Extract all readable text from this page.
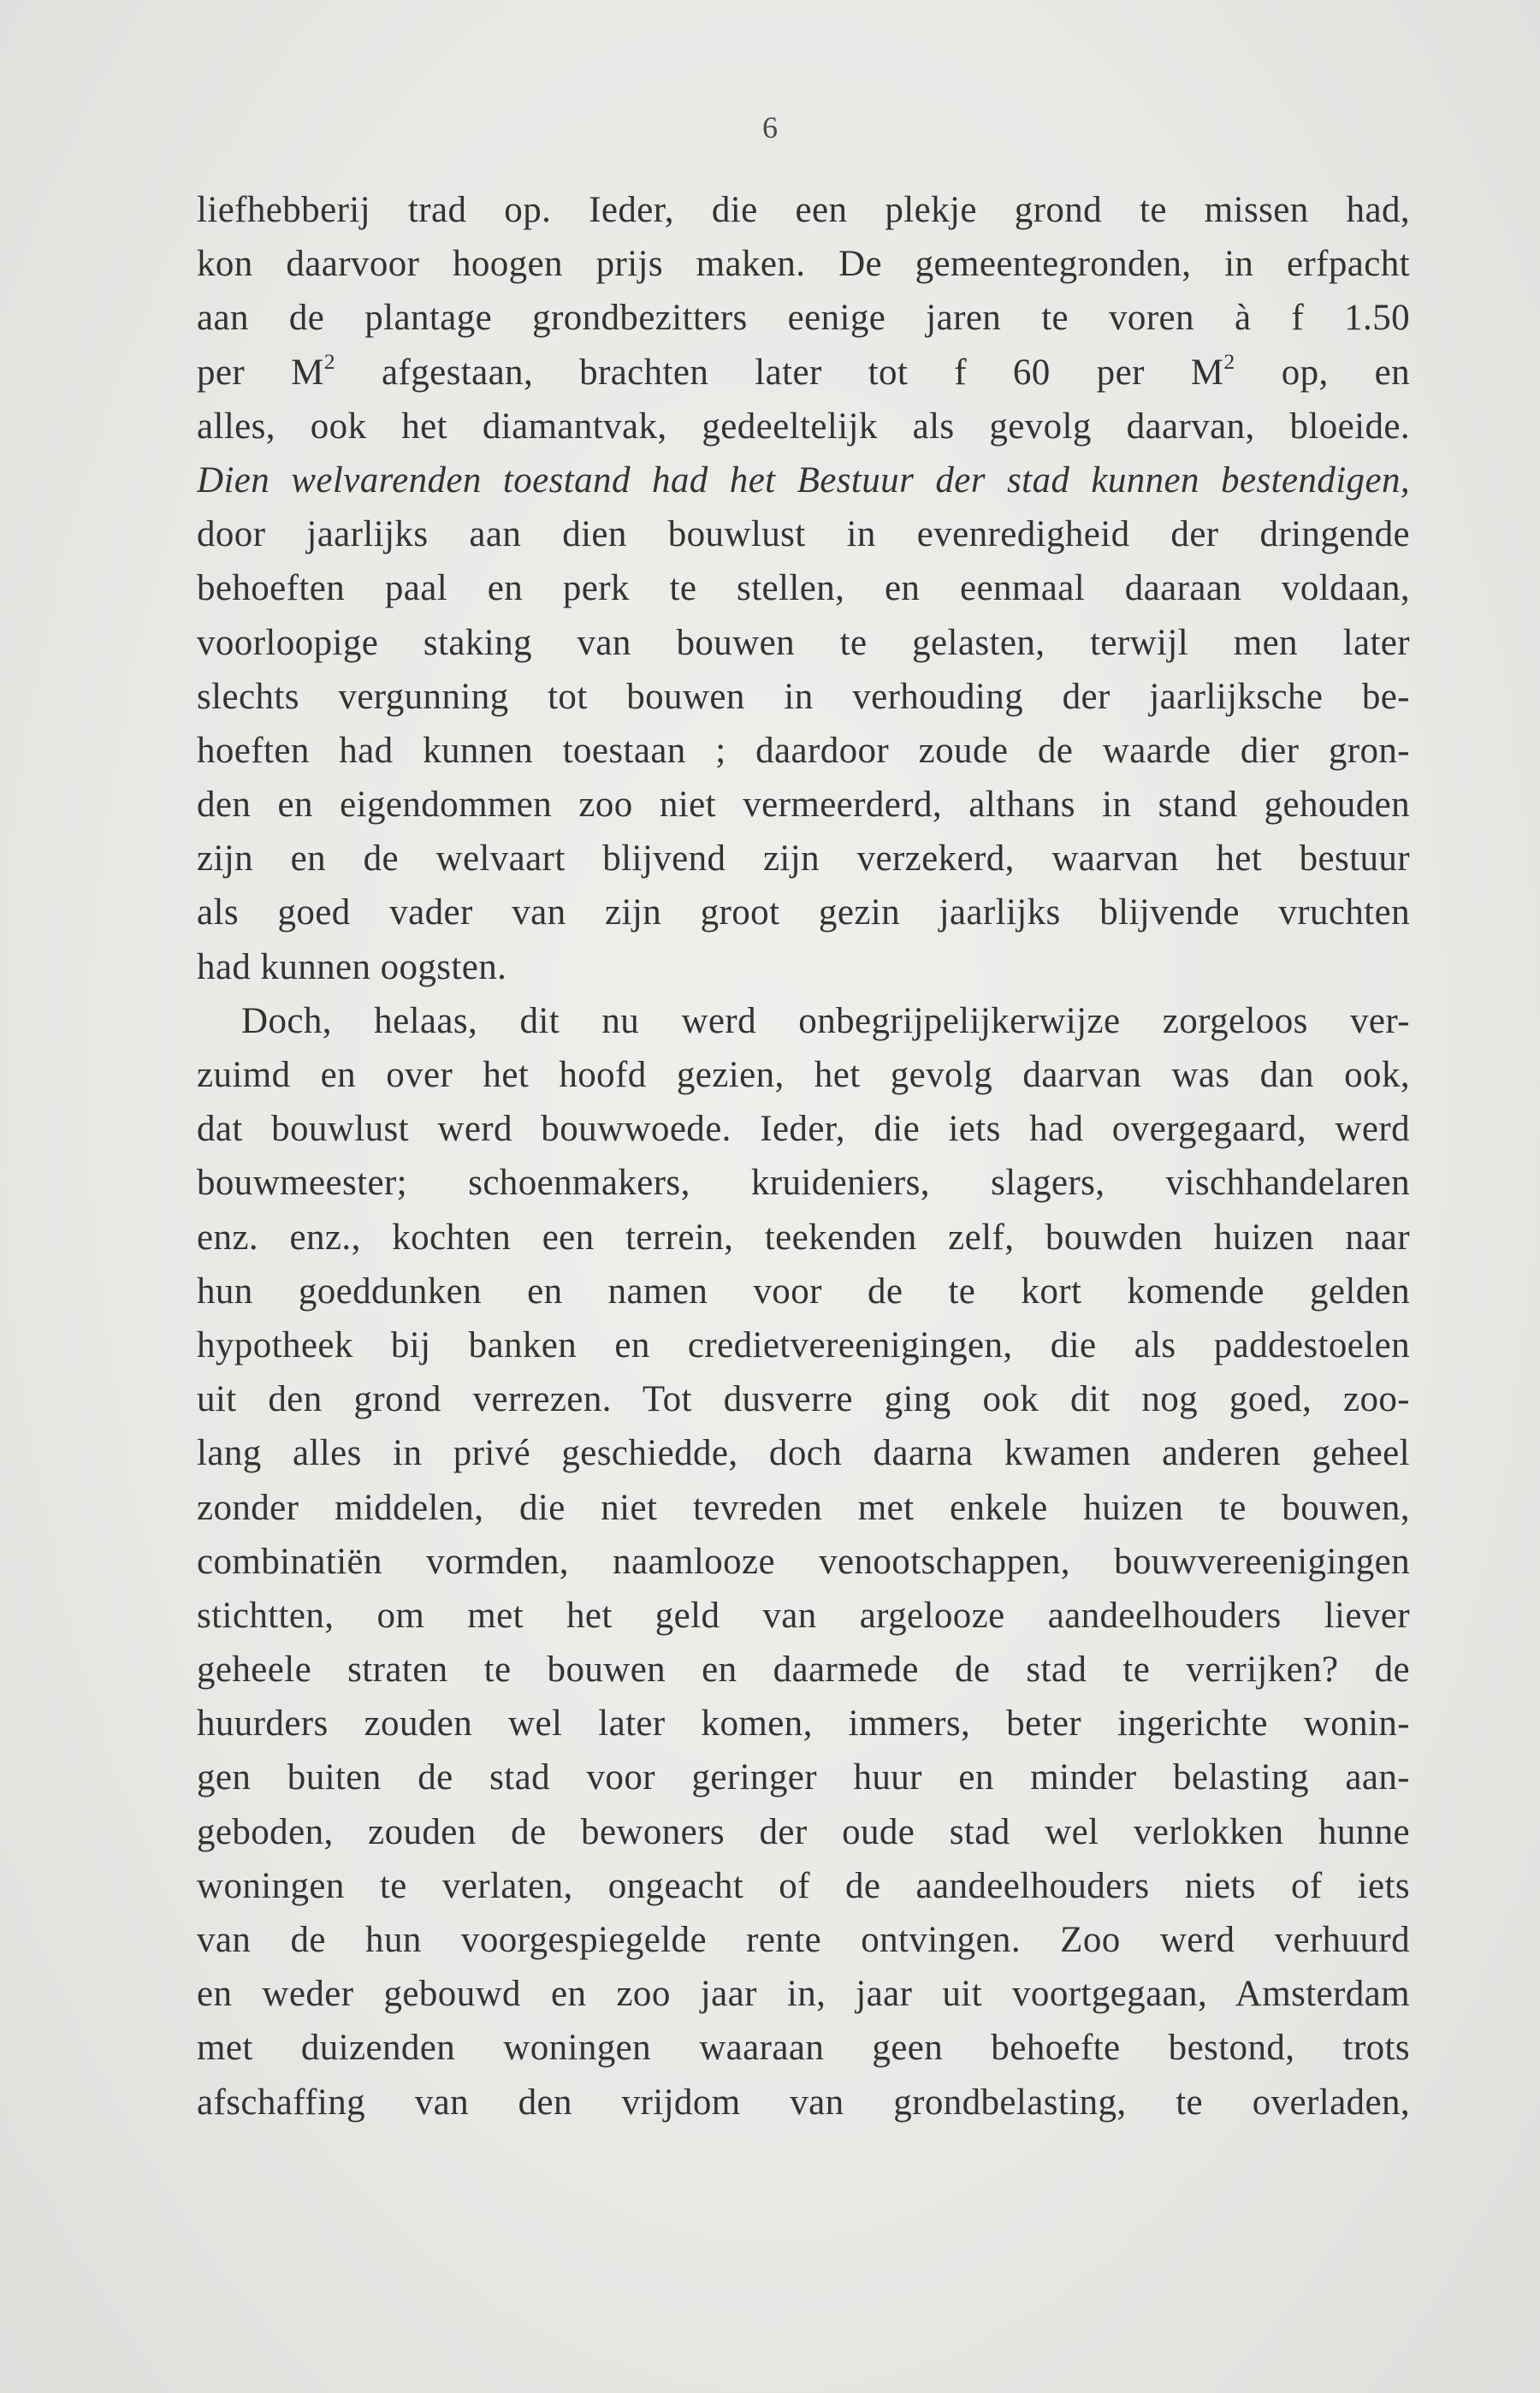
6
liefhebberij trad op. Ieder, die een plekje grond te missen had,
kon daarvoor hoogen prijs maken. De gemeentegronden, in erfpacht
aan de plantage grondbezitters eenige jaren te voren à f 1.50
per $M^2$ afgestaan, brachten later tot f 60 per $M^2$ op, en
alles, ook het diamantvak, gedeeltelijk als gevolg daarvan, bloeide.
Dien welvarenden toestand had het Bestuur der stad kunnen bestendigen,
door jaarlijks aan dien bouwlust in evenredigheid der dringende
behoeften paal en perk te stellen, en eenmaal daaraan voldaan,
voorloopige staking van bouwen te gelasten, terwijl men later
slechts vergunning tot bouwen in verhouding der jaarlijksche be-
hoeften had kunnen toestaan ; daardoor zoude de waarde dier gron-
den en eigendommen zoo niet vermeerderd, althans in stand gehouden
zijn en de welvaart blijvend zijn verzekerd, waarvan het bestuur
als goed vader van zijn groot gezin jaarlijks blijvende vruchten
had kunnen oogsten.
Doch, helaas, dit nu werd onbegrijpelijkerwijze zorgeloos ver-
zuimd en over het hoofd gezien, het gevolg daarvan was dan ook,
dat bouwlust werd bouwwoede. Ieder, die iets had overgegaard, werd
bouwmeester; schoenmakers, kruideniers, slagers, vischhandelaren
enz. enz., kochten een terrein, teekenden zelf, bouwden huizen naar
hun goeddunken en namen voor de te kort komende gelden
hypotheek bij banken en credietvereenigingen, die als paddestoelen
uit den grond verrezen. Tot dusverre ging ook dit nog goed, zoo-
lang alles in privé geschiedde, doch daarna kwamen anderen geheel
zonder middelen, die niet tevreden met enkele huizen te bouwen,
combinatiën vormden, naamlooze venootschappen, bouwvereenigingen
stichtten, om met het geld van argelooze aandeelhouders liever
geheele straten te bouwen en daarmede de stad te verrijken? de
huurders zouden wel later komen, immers, beter ingerichte wonin-
gen buiten de stad voor geringer huur en minder belasting aan-
geboden, zouden de bewoners der oude stad wel verlokken hunne
woningen te verlaten, ongeacht of de aandeelhouders niets of iets
van de hun voorgespiegelde rente ontvingen. Zoo werd verhuurd
en weder gebouwd en zoo jaar in, jaar uit voortgegaan, Amsterdam
met duizenden woningen waaraan geen behoefte bestond, trots
afschaffing van den vrijdom van grondbelasting, te overladen,
